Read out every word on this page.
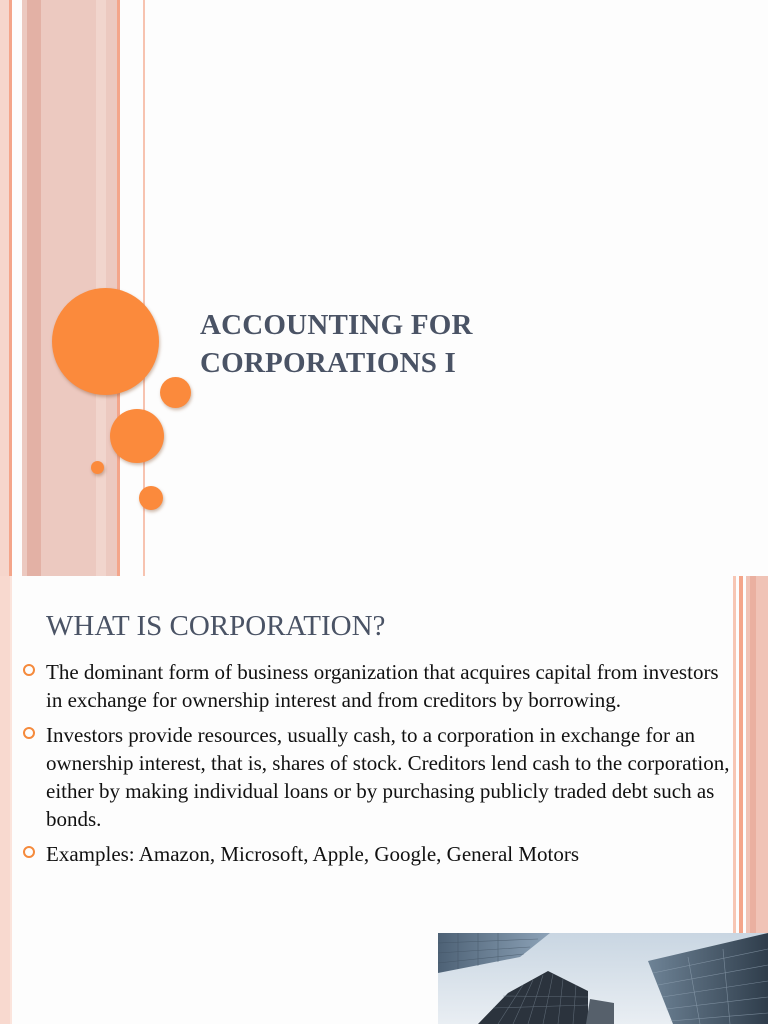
ACCOUNTING FOR
CORPORATIONS I
WHAT IS CORPORATION?
The dominant form of business organization that acquires capital from investors in exchange for ownership interest and from creditors by borrowing.
Investors provide resources, usually cash, to a corporation in exchange for an ownership interest, that is, shares of stock. Creditors lend cash to the corporation, either by making individual loans or by purchasing publicly traded debt such as bonds.
Examples: Amazon, Microsoft, Apple, Google, General Motors
